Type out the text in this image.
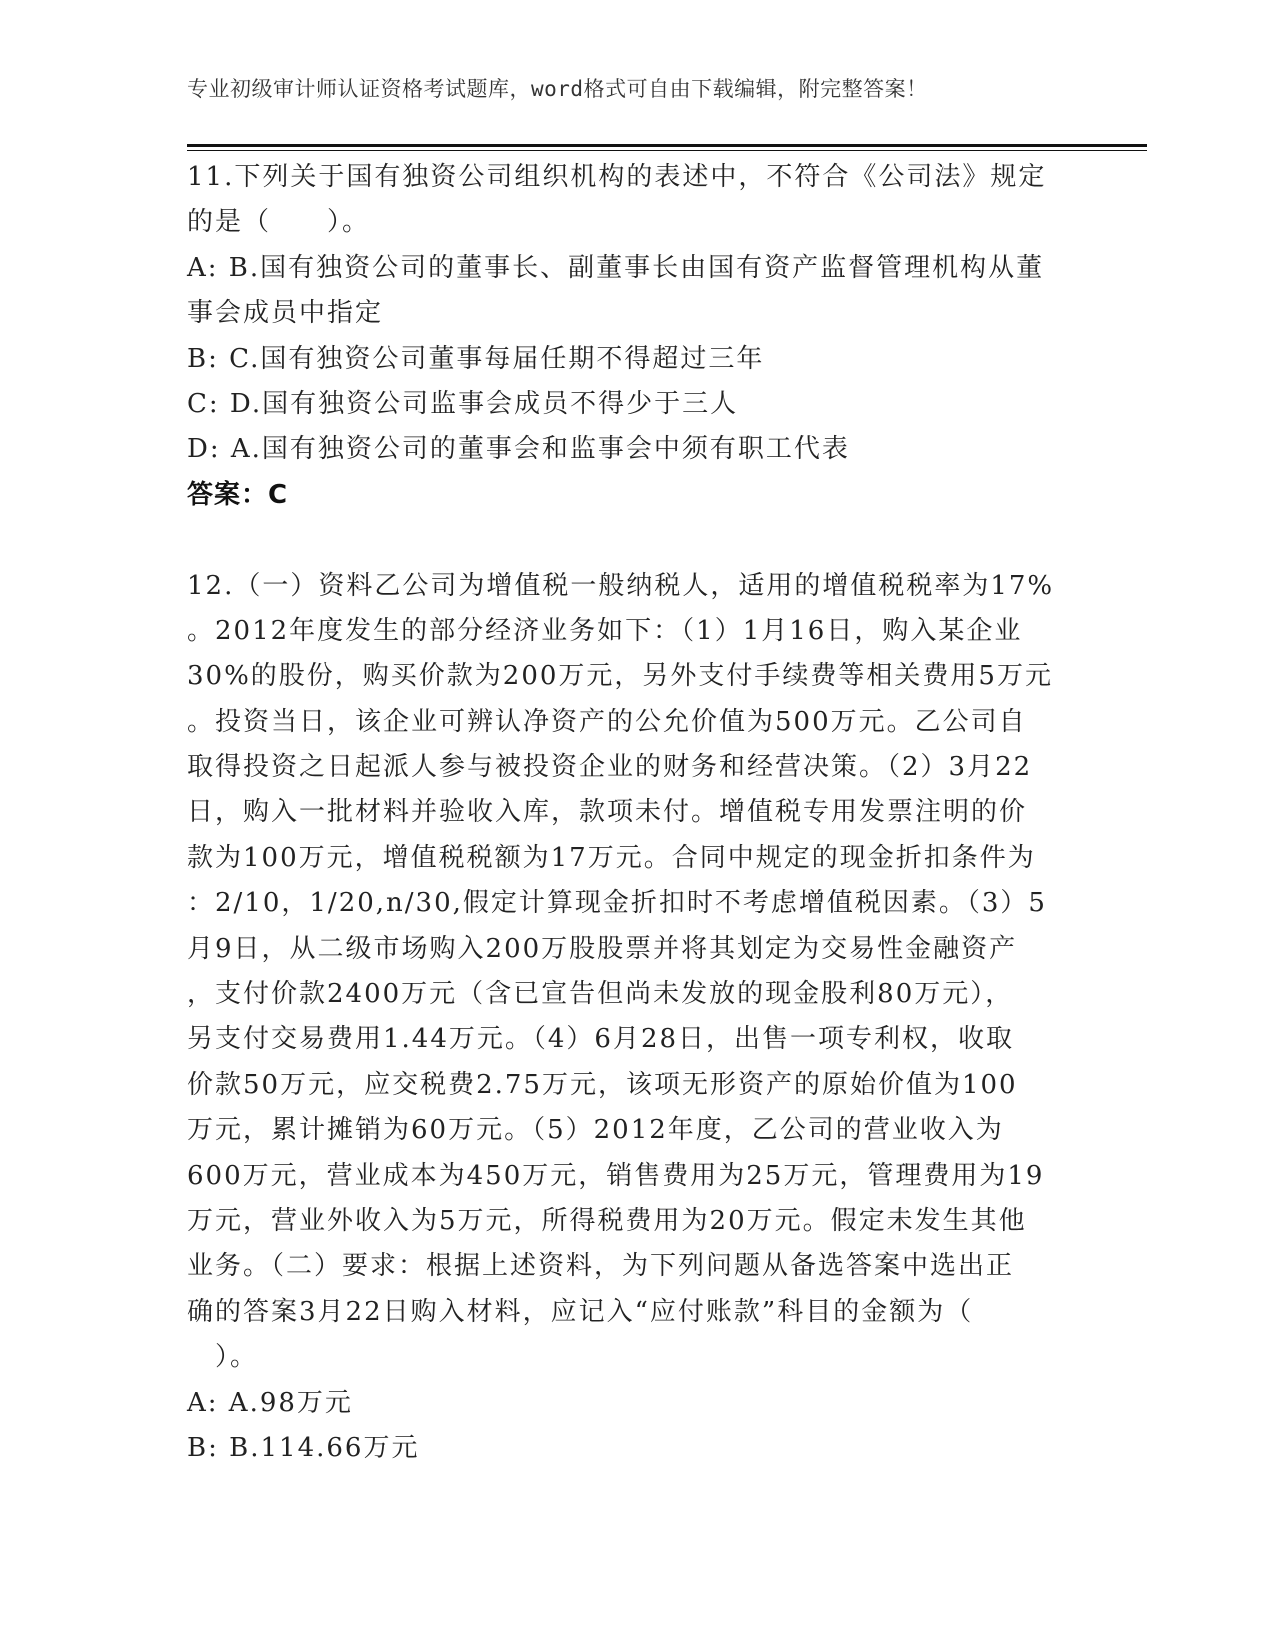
专业初级审计师认证资格考试题库，word格式可自由下载编辑，附完整答案！
11.下列关于国有独资公司组织机构的表述中，不符合《公司法》规定
的是（　　）。
A: B.国有独资公司的董事长、副董事长由国有资产监督管理机构从董
事会成员中指定
B: C.国有独资公司董事每届任期不得超过三年
C: D.国有独资公司监事会成员不得少于三人
D: A.国有独资公司的董事会和监事会中须有职工代表
答案：C
12.（一）资料乙公司为增值税一般纳税人，适用的增值税税率为17%
。2012年度发生的部分经济业务如下：（1）1月16日，购入某企业
30%的股份，购买价款为200万元，另外支付手续费等相关费用5万元
。投资当日，该企业可辨认净资产的公允价值为500万元。乙公司自
取得投资之日起派人参与被投资企业的财务和经营决策。（2）3月22
日，购入一批材料并验收入库，款项未付。增值税专用发票注明的价
款为100万元，增值税税额为17万元。合同中规定的现金折扣条件为
：2/10，1/20,n/30,假定计算现金折扣时不考虑增值税因素。（3）5
月9日，从二级市场购入200万股股票并将其划定为交易性金融资产
，支付价款2400万元（含已宣告但尚未发放的现金股利80万元），
另支付交易费用1.44万元。（4）6月28日，出售一项专利权，收取
价款50万元，应交税费2.75万元，该项无形资产的原始价值为100
万元，累计摊销为60万元。（5）2012年度，乙公司的营业收入为
600万元，营业成本为450万元，销售费用为25万元，管理费用为19
万元，营业外收入为5万元，所得税费用为20万元。假定未发生其他
业务。（二）要求：根据上述资料，为下列问题从备选答案中选出正
确的答案3月22日购入材料，应记入“应付账款”科目的金额为（
　）。
A: A.98万元
B: B.114.66万元
